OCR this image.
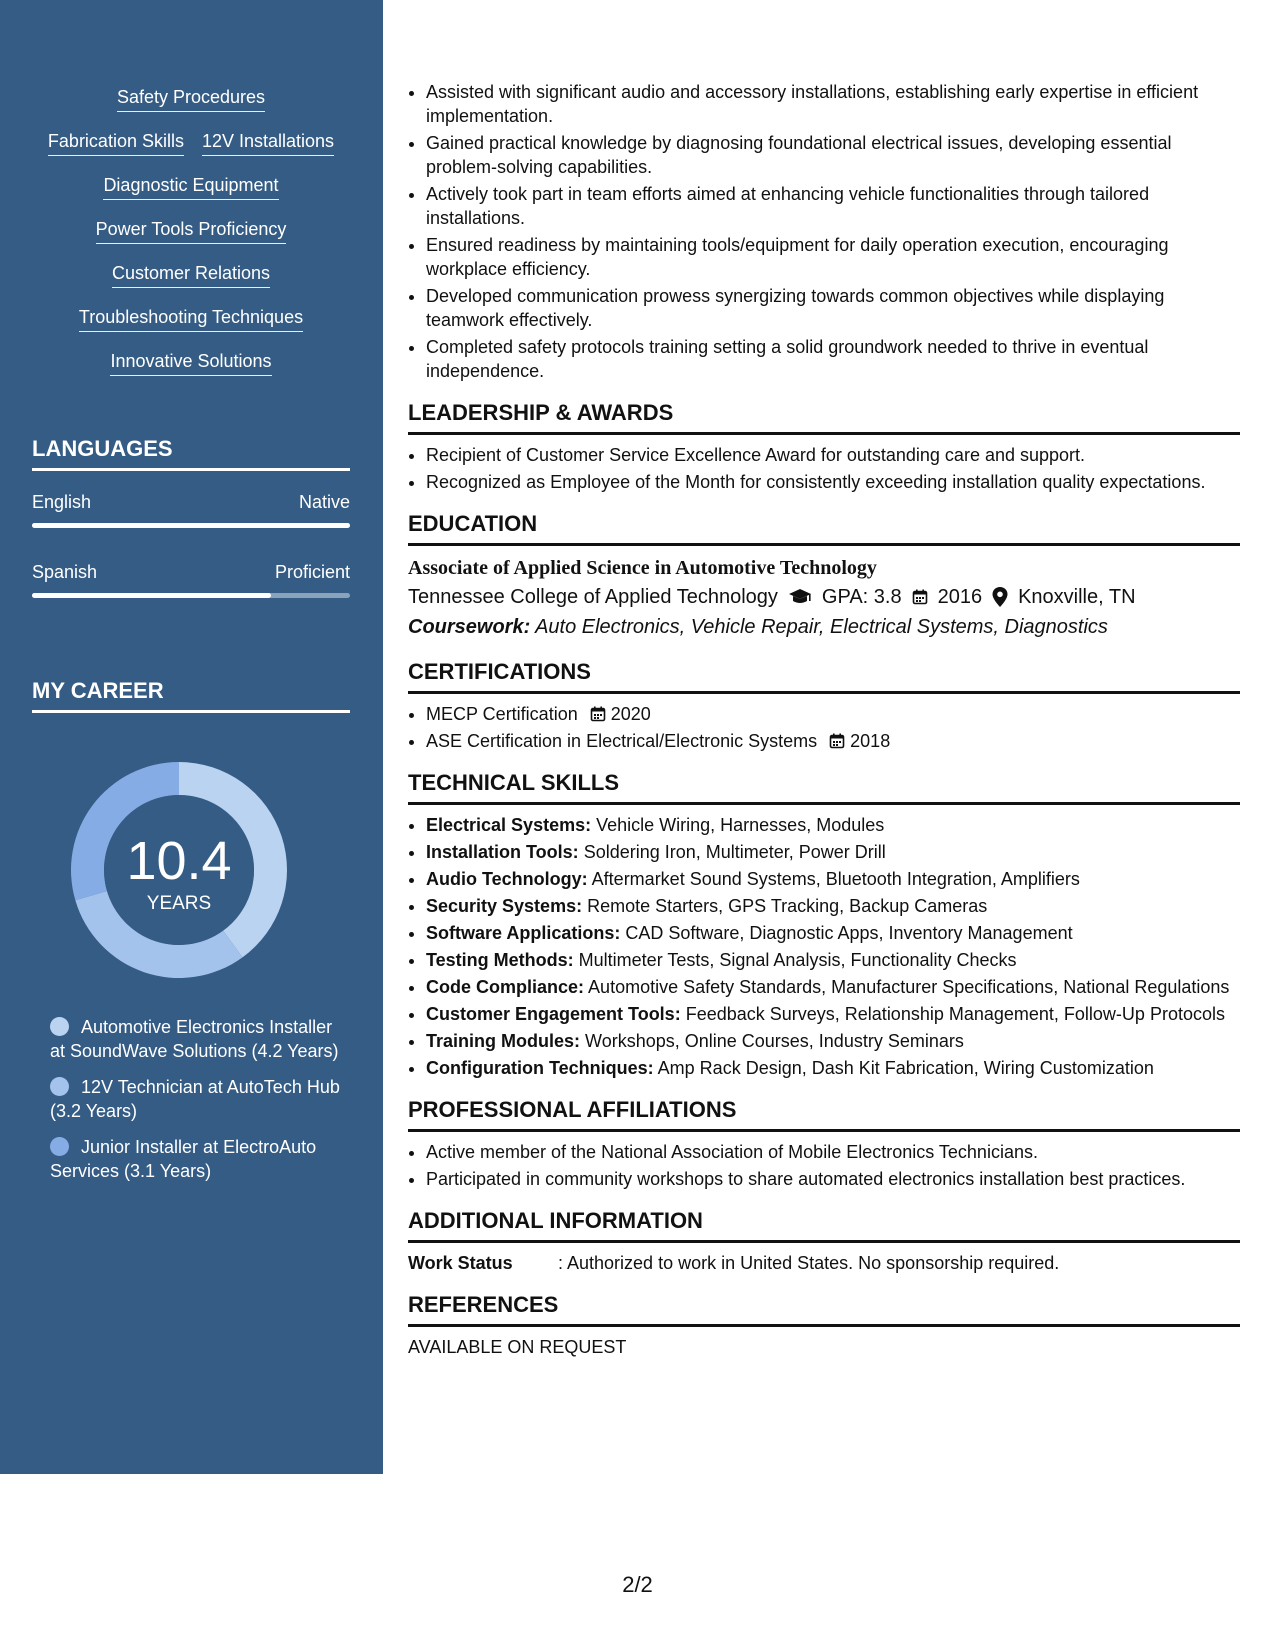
Safety Procedures
Fabrication Skills 12V Installations
Diagnostic Equipment
Power Tools Proficiency
Customer Relations
Troubleshooting Techniques
Innovative Solutions
LANGUAGES
English	Native
Spanish	Proficient
MY CAREER
10.4
YEARS
Automotive Electronics Installer at SoundWave Solutions (4.2 Years)
12V Technician at AutoTech Hub (3.2 Years)
Junior Installer at ElectroAuto Services (3.1 Years)
• Assisted with significant audio and accessory installations, establishing early expertise in efficient implementation.
• Gained practical knowledge by diagnosing foundational electrical issues, developing essential problem-solving capabilities.
• Actively took part in team efforts aimed at enhancing vehicle functionalities through tailored installations.
• Ensured readiness by maintaining tools/equipment for daily operation execution, encouraging workplace efficiency.
• Developed communication prowess synergizing towards common objectives while displaying teamwork effectively.
• Completed safety protocols training setting a solid groundwork needed to thrive in eventual independence.
LEADERSHIP & AWARDS
• Recipient of Customer Service Excellence Award for outstanding care and support.
• Recognized as Employee of the Month for consistently exceeding installation quality expectations.
EDUCATION
Associate of Applied Science in Automotive Technology
Tennessee College of Applied Technology GPA: 3.8 2016 Knoxville, TN
Coursework: Auto Electronics, Vehicle Repair, Electrical Systems, Diagnostics
CERTIFICATIONS
• MECP Certification 2020
• ASE Certification in Electrical/Electronic Systems 2018
TECHNICAL SKILLS
• Electrical Systems: Vehicle Wiring, Harnesses, Modules
• Installation Tools: Soldering Iron, Multimeter, Power Drill
• Audio Technology: Aftermarket Sound Systems, Bluetooth Integration, Amplifiers
• Security Systems: Remote Starters, GPS Tracking, Backup Cameras
• Software Applications: CAD Software, Diagnostic Apps, Inventory Management
• Testing Methods: Multimeter Tests, Signal Analysis, Functionality Checks
• Code Compliance: Automotive Safety Standards, Manufacturer Specifications, National Regulations
• Customer Engagement Tools: Feedback Surveys, Relationship Management, Follow-Up Protocols
• Training Modules: Workshops, Online Courses, Industry Seminars
• Configuration Techniques: Amp Rack Design, Dash Kit Fabrication, Wiring Customization
PROFESSIONAL AFFILIATIONS
• Active member of the National Association of Mobile Electronics Technicians.
• Participated in community workshops to share automated electronics installation best practices.
ADDITIONAL INFORMATION
Work Status	: Authorized to work in United States. No sponsorship required.
REFERENCES
AVAILABLE ON REQUEST
2/2
